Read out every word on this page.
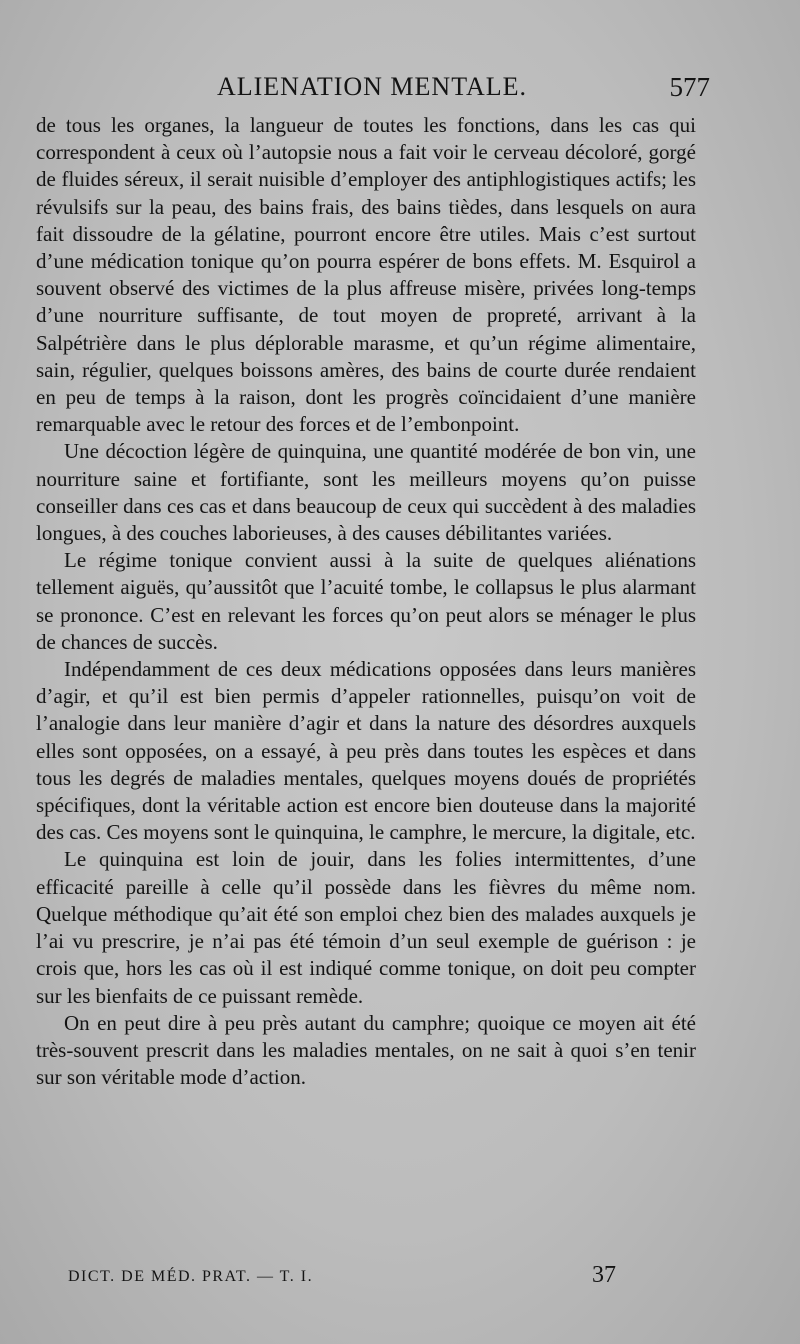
ALIENATION MENTALE.	577

de tous les organes, la langueur de toutes les fonctions, dans les cas qui correspondent à ceux où l’autopsie nous a fait voir le cerveau décoloré, gorgé de fluides séreux, il serait nuisible d’employer des antiphlogistiques actifs; les révulsifs sur la peau, des bains frais, des bains tièdes, dans lesquels on aura fait dissoudre de la gélatine, pourront encore être utiles. Mais c’est surtout d’une médication tonique qu’on pourra espérer de bons effets. M. Esquirol a souvent observé des victimes de la plus affreuse misère, privées long-temps d’une nourriture suffisante, de tout moyen de propreté, arrivant à la Salpétrière dans le plus déplorable marasme, et qu’un régime alimentaire, sain, régulier, quelques boissons amères, des bains de courte durée rendaient en peu de temps à la raison, dont les progrès coïncidaient d’une manière remarquable avec le retour des forces et de l’embonpoint.

Une décoction légère de quinquina, une quantité modérée de bon vin, une nourriture saine et fortifiante, sont les meilleurs moyens qu’on puisse conseiller dans ces cas et dans beaucoup de ceux qui succèdent à des maladies longues, à des couches laborieuses, à des causes débilitantes variées.

Le régime tonique convient aussi à la suite de quelques aliénations tellement aiguës, qu’aussitôt que l’acuité tombe, le collapsus le plus alarmant se prononce. C’est en relevant les forces qu’on peut alors se ménager le plus de chances de succès.

Indépendamment de ces deux médications opposées dans leurs manières d’agir, et qu’il est bien permis d’appeler rationnelles, puisqu’on voit de l’analogie dans leur manière d’agir et dans la nature des désordres auxquels elles sont opposées, on a essayé, à peu près dans toutes les espèces et dans tous les degrés de maladies mentales, quelques moyens doués de propriétés spécifiques, dont la véritable action est encore bien douteuse dans la majorité des cas. Ces moyens sont le quinquina, le camphre, le mercure, la digitale, etc.

Le quinquina est loin de jouir, dans les folies intermittentes, d’une efficacité pareille à celle qu’il possède dans les fièvres du même nom. Quelque méthodique qu’ait été son emploi chez bien des malades auxquels je l’ai vu prescrire, je n’ai pas été témoin d’un seul exemple de guérison : je crois que, hors les cas où il est indiqué comme tonique, on doit peu compter sur les bienfaits de ce puissant remède.

On en peut dire à peu près autant du camphre; quoique ce moyen ait été très-souvent prescrit dans les maladies mentales, on ne sait à quoi s’en tenir sur son véritable mode d’action.

DICT. DE MÉD. PRAT. — T. I.	37
